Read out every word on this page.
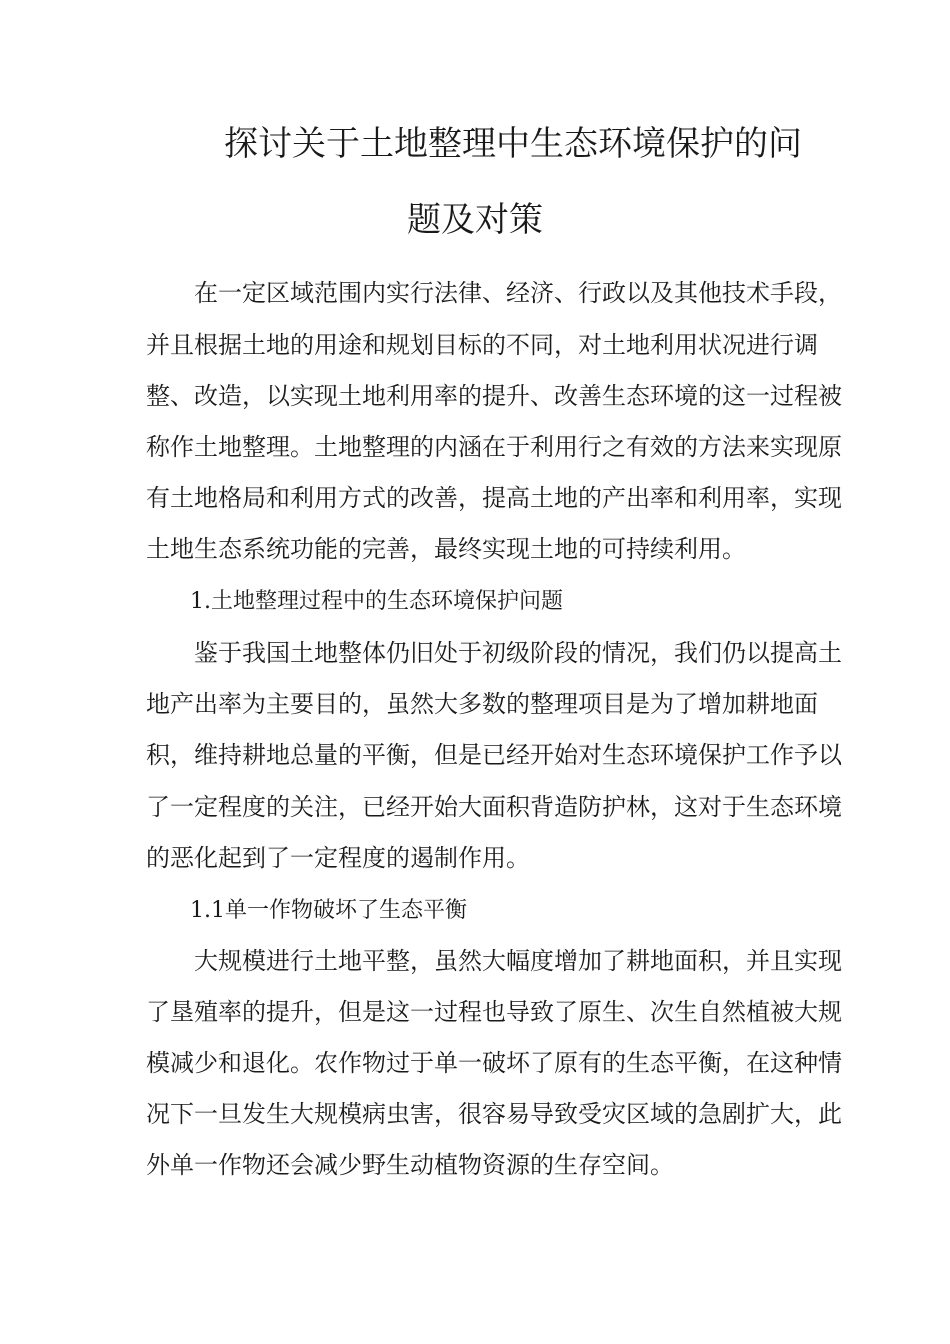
探讨关于土地整理中生态环境保护的问
题及对策
　　在一定区域范围内实行法律、经济、行政以及其他技术手段，
并且根据土地的用途和规划目标的不同，对土地利用状况进行调
整、改造，以实现土地利用率的提升、改善生态环境的这一过程被
称作土地整理。土地整理的内涵在于利用行之有效的方法来实现原
有土地格局和利用方式的改善，提高土地的产出率和利用率，实现
土地生态系统功能的完善，最终实现土地的可持续利用。
1.土地整理过程中的生态环境保护问题
　　鉴于我国土地整体仍旧处于初级阶段的情况，我们仍以提高土
地产出率为主要目的，虽然大多数的整理项目是为了增加耕地面
积，维持耕地总量的平衡，但是已经开始对生态环境保护工作予以
了一定程度的关注，已经开始大面积背造防护林，这对于生态环境
的恶化起到了一定程度的遏制作用。
1.1单一作物破坏了生态平衡
　　大规模进行土地平整，虽然大幅度增加了耕地面积，并且实现
了垦殖率的提升，但是这一过程也导致了原生、次生自然植被大规
模减少和退化。农作物过于单一破坏了原有的生态平衡，在这种情
况下一旦发生大规模病虫害，很容易导致受灾区域的急剧扩大，此
外单一作物还会减少野生动植物资源的生存空间。
